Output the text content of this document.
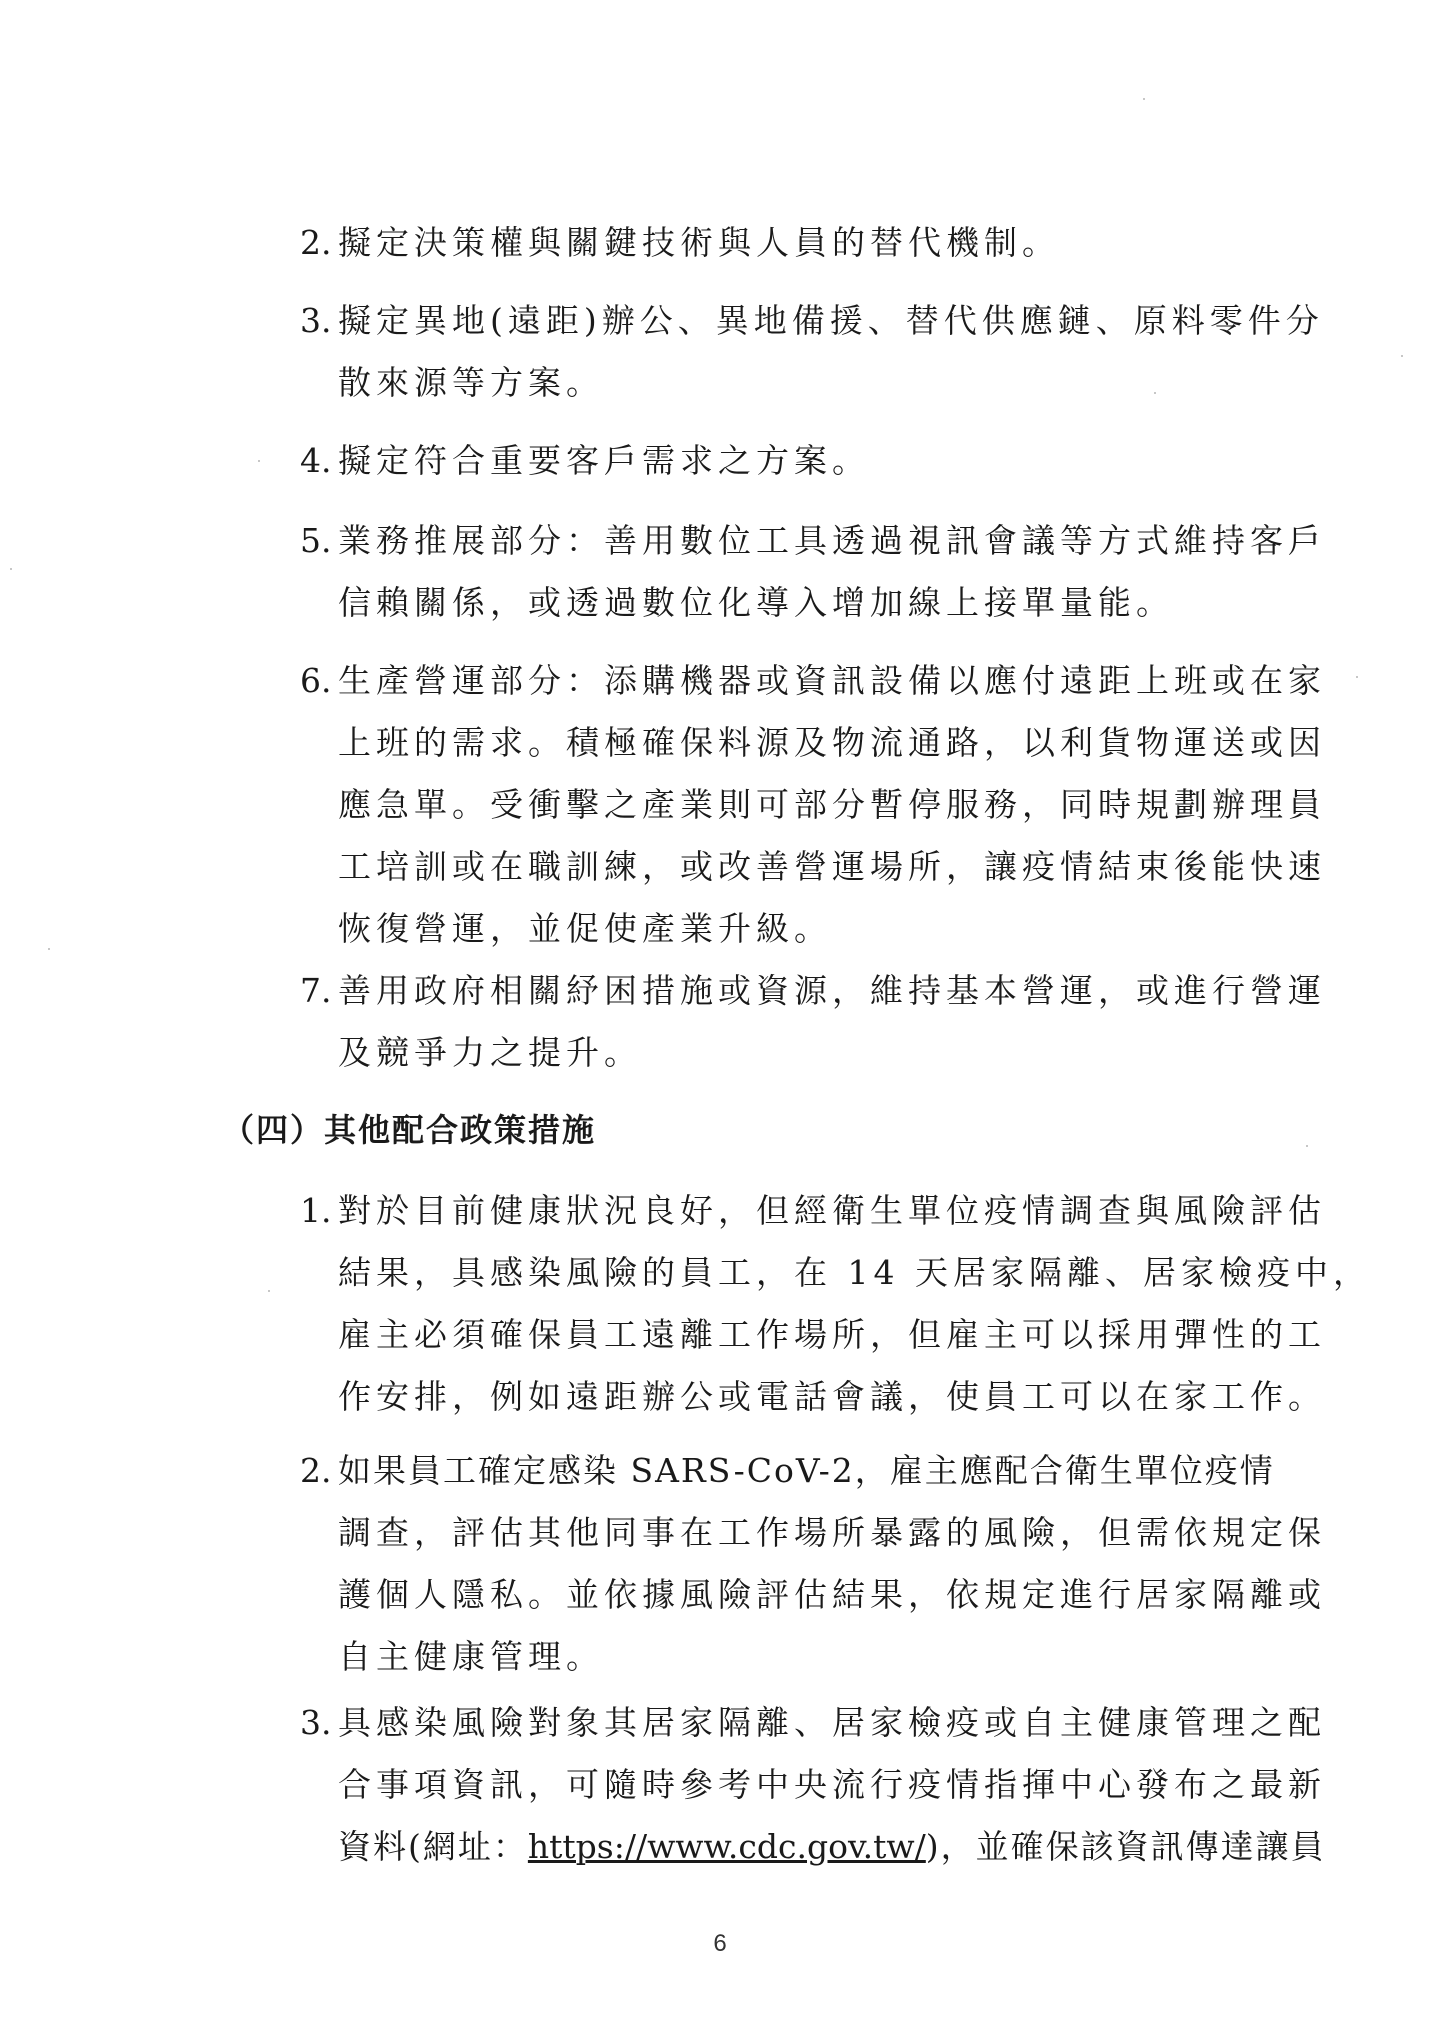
2. 擬定決策權與關鍵技術與人員的替代機制。
3. 擬定異地(遠距)辦公、異地備援、替代供應鏈、原料零件分
散來源等方案。
4. 擬定符合重要客戶需求之方案。
5. 業務推展部分：善用數位工具透過視訊會議等方式維持客戶
信賴關係，或透過數位化導入增加線上接單量能。
6. 生產營運部分：添購機器或資訊設備以應付遠距上班或在家
上班的需求。積極確保料源及物流通路，以利貨物運送或因
應急單。受衝擊之產業則可部分暫停服務，同時規劃辦理員
工培訓或在職訓練，或改善營運場所，讓疫情結束後能快速
恢復營運，並促使產業升級。
7. 善用政府相關紓困措施或資源，維持基本營運，或進行營運
及競爭力之提升。
（四）其他配合政策措施
1. 對於目前健康狀況良好，但經衛生單位疫情調查與風險評估
結果，具感染風險的員工，在 14 天居家隔離、居家檢疫中，
雇主必須確保員工遠離工作場所，但雇主可以採用彈性的工
作安排，例如遠距辦公或電話會議，使員工可以在家工作。
2. 如果員工確定感染 SARS-CoV-2，雇主應配合衛生單位疫情
調查，評估其他同事在工作場所暴露的風險，但需依規定保
護個人隱私。並依據風險評估結果，依規定進行居家隔離或
自主健康管理。
3. 具感染風險對象其居家隔離、居家檢疫或自主健康管理之配
合事項資訊，可隨時參考中央流行疫情指揮中心發布之最新
資料(網址：https://www.cdc.gov.tw/)，並確保該資訊傳達讓員
6
